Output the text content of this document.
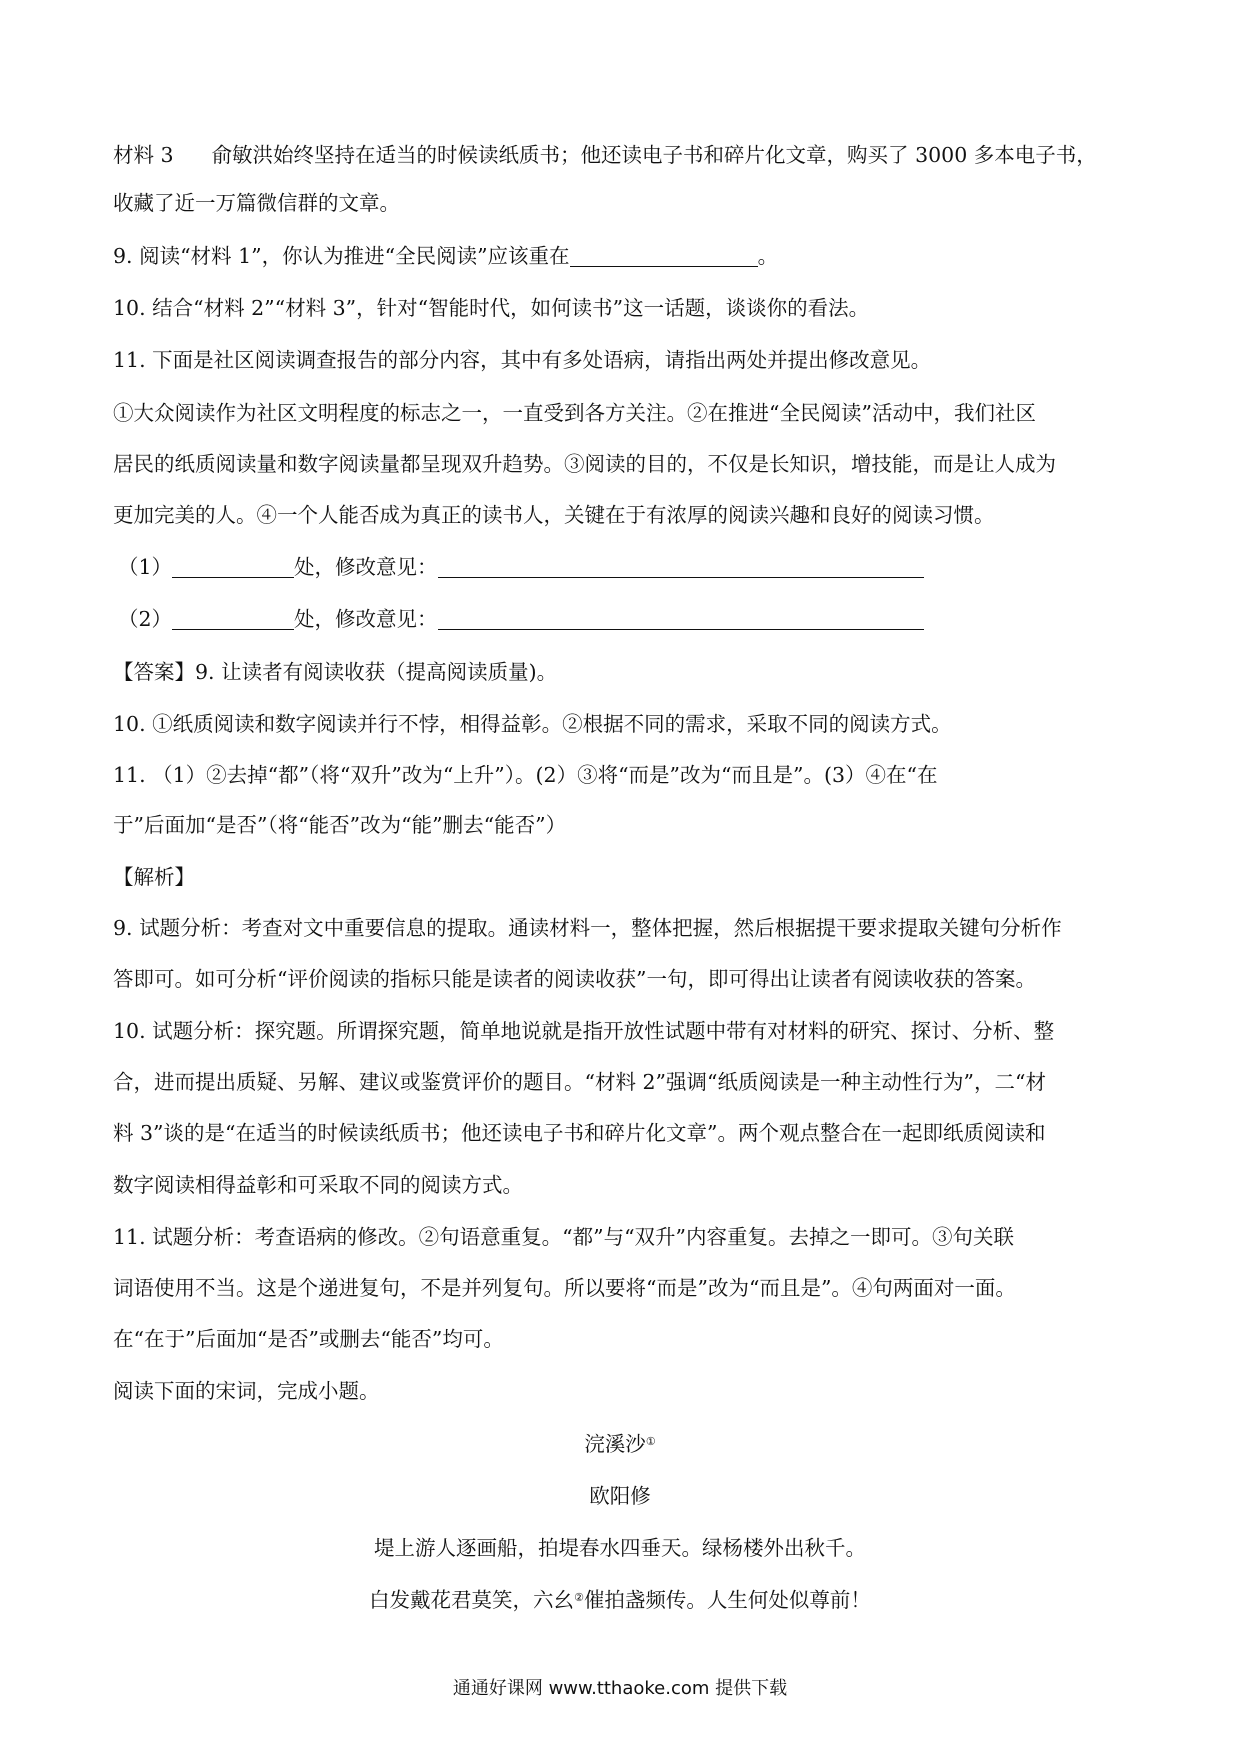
材料 3 俞敏洪始终坚持在适当的时候读纸质书；他还读电子书和碎片化文章，购买了 3000 多本电子书，
收藏了近一万篇微信群的文章。
9. 阅读“材料 1”，你认为推进“全民阅读”应该重在	。
10. 结合“材料 2”“材料 3”，针对“智能时代，如何读书”这一话题，谈谈你的看法。
11. 下面是社区阅读调查报告的部分内容，其中有多处语病，请指出两处并提出修改意见。
①大众阅读作为社区文明程度的标志之一，一直受到各方关注。②在推进“全民阅读”活动中，我们社区
居民的纸质阅读量和数字阅读量都呈现双升趋势。③阅读的目的，不仅是长知识，增技能，而是让人成为
更加完美的人。④一个人能否成为真正的读书人，关键在于有浓厚的阅读兴趣和良好的阅读习惯。
（1）	处，修改意见：
（2）	处，修改意见：
【答案】9. 让读者有阅读收获（提高阅读质量)。
10. ①纸质阅读和数字阅读并行不悖，相得益彰。②根据不同的需求，采取不同的阅读方式。
11. （1）②去掉“都”（将“双升”改为“上升”）。(2）③将“而是”改为“而且是”。(3）④在“在
于”后面加“是否”（将“能否”改为“能”删去“能否”）
【解析】
9. 试题分析：考查对文中重要信息的提取。通读材料一，整体把握，然后根据提干要求提取关键句分析作
答即可。如可分析“评价阅读的指标只能是读者的阅读收获”一句，即可得出让读者有阅读收获的答案。
10. 试题分析：探究题。所谓探究题，简单地说就是指开放性试题中带有对材料的研究、探讨、分析、整
合，进而提出质疑、另解、建议或鉴赏评价的题目。“材料 2”强调“纸质阅读是一种主动性行为”，二“材
料 3”谈的是“在适当的时候读纸质书；他还读电子书和碎片化文章”。两个观点整合在一起即纸质阅读和
数字阅读相得益彰和可采取不同的阅读方式。
11. 试题分析：考查语病的修改。②句语意重复。“都”与“双升”内容重复。去掉之一即可。③句关联
词语使用不当。这是个递进复句，不是并列复句。所以要将“而是”改为“而且是”。④句两面对一面。
在“在于”后面加“是否”或删去“能否”均可。
阅读下面的宋词，完成小题。
浣溪沙①
欧阳修
堤上游人逐画船，拍堤春水四垂天。绿杨楼外出秋千。
白发戴花君莫笑，六幺②催拍盏频传。人生何处似尊前！
通通好课网 www.tthaoke.com 提供下载
